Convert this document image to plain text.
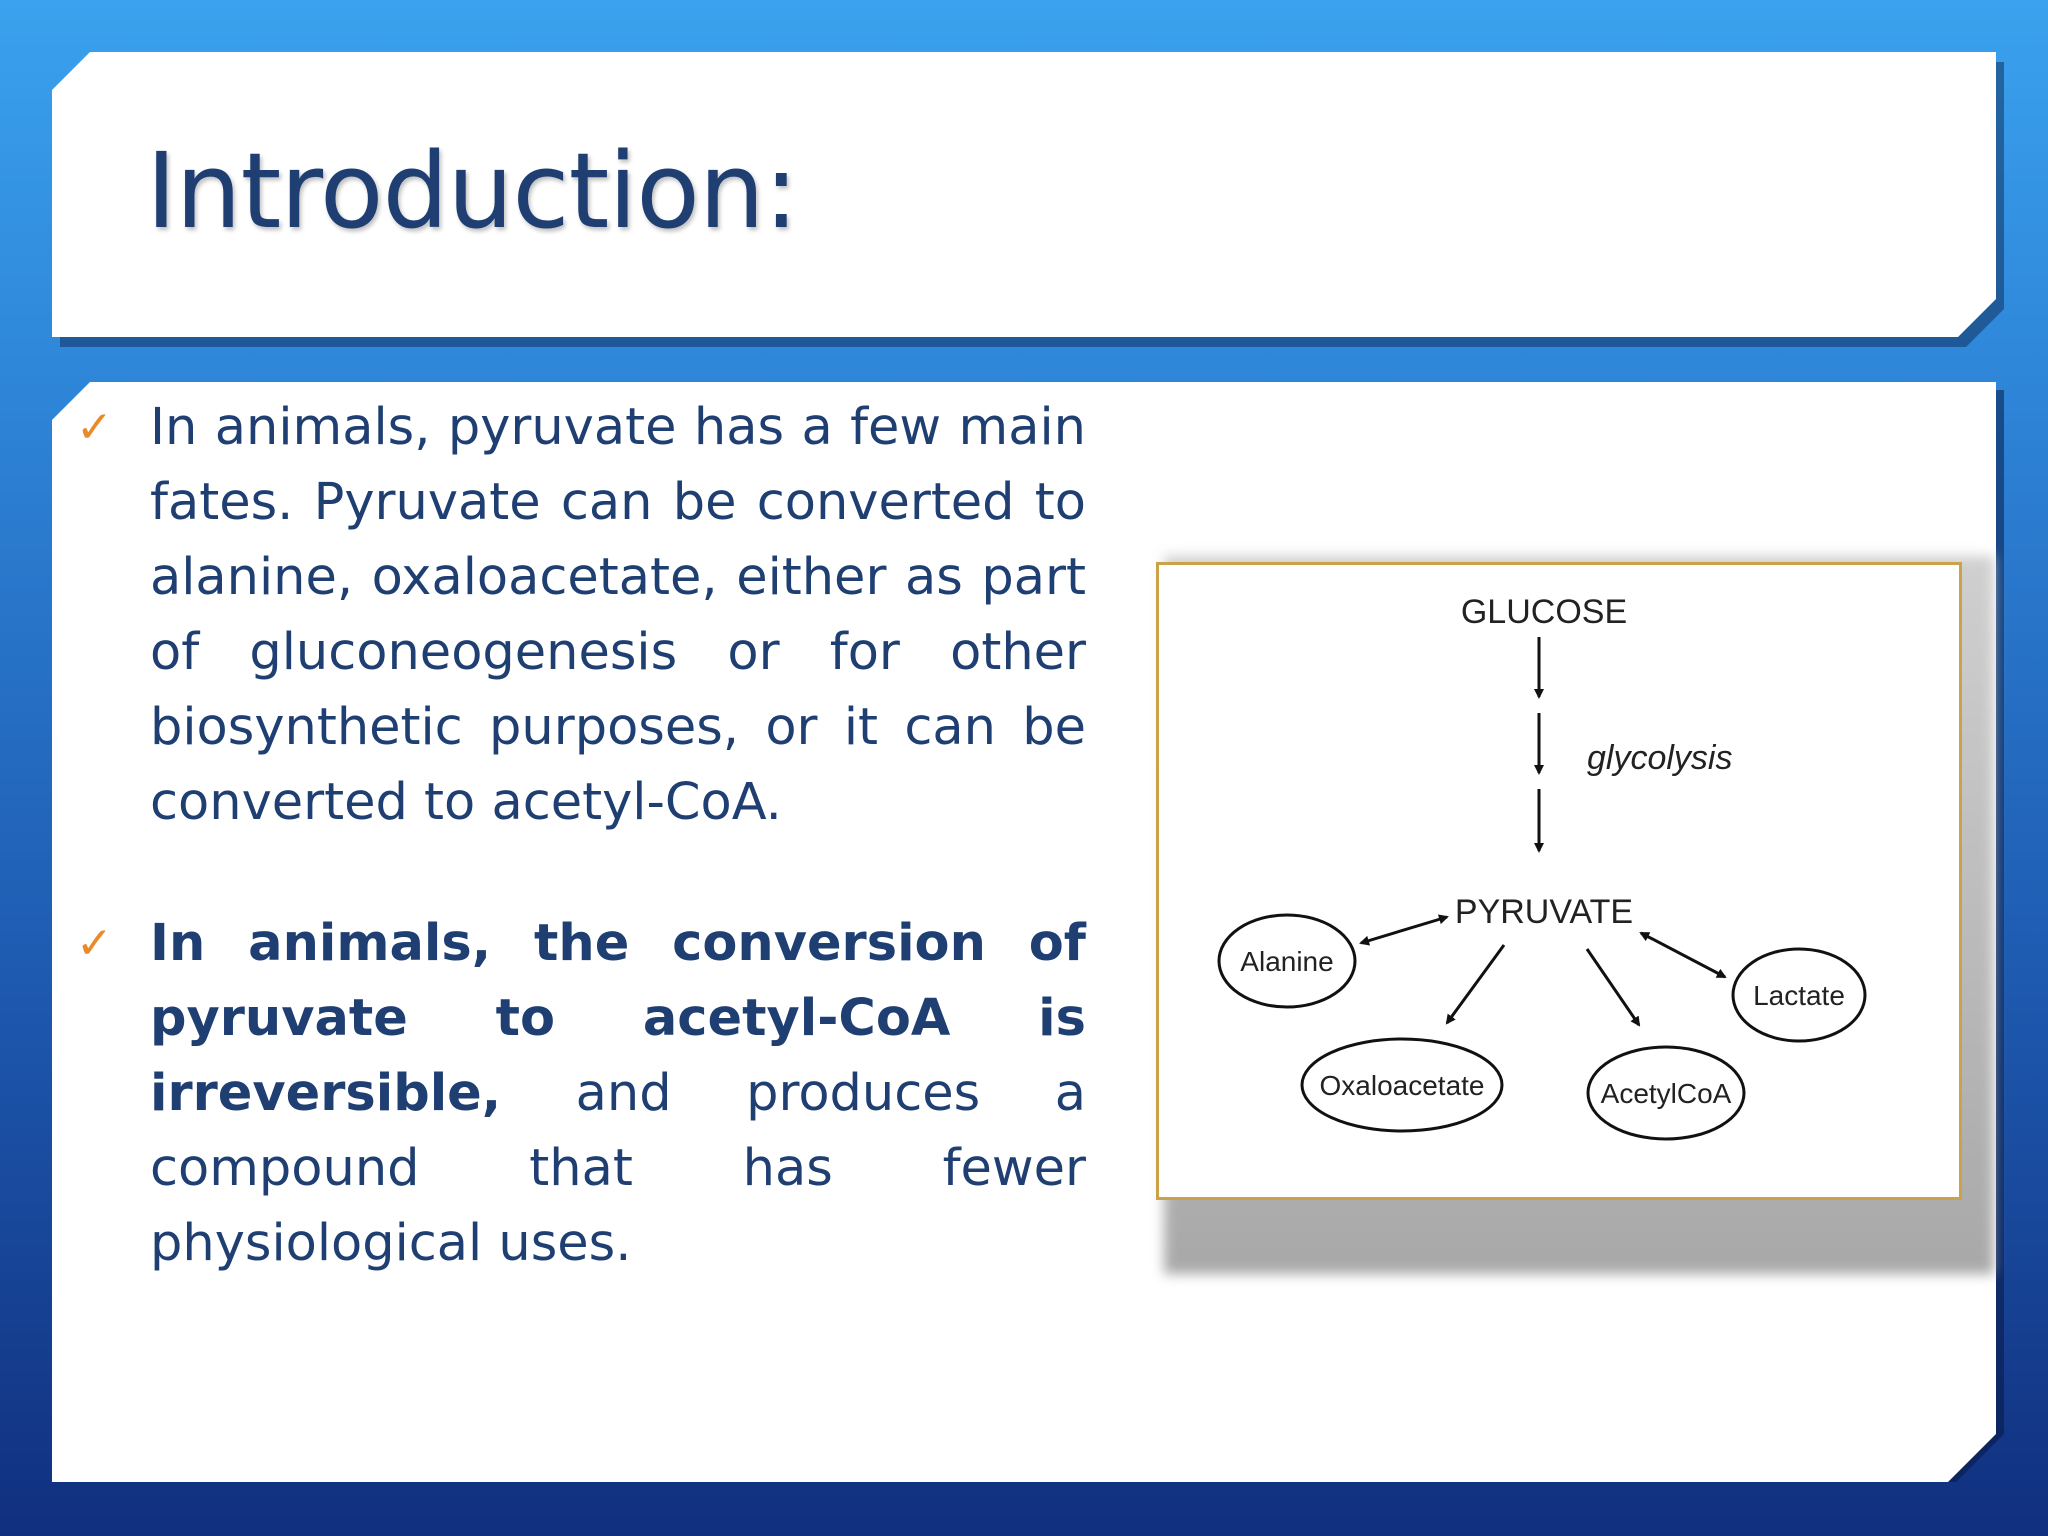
Introduction:
✓ In animals, pyruvate has a few main fates. Pyruvate can be converted to alanine, oxaloacetate, either as part of gluconeogenesis or for other biosynthetic purposes, or it can be converted to acetyl-CoA.
✓ In animals, the conversion of pyruvate to acetyl-CoA is irreversible, and produces a compound that has fewer physiological uses.
GLUCOSE
glycolysis
PYRUVATE
Alanine
Lactate
Oxaloacetate	AcetylCoA
